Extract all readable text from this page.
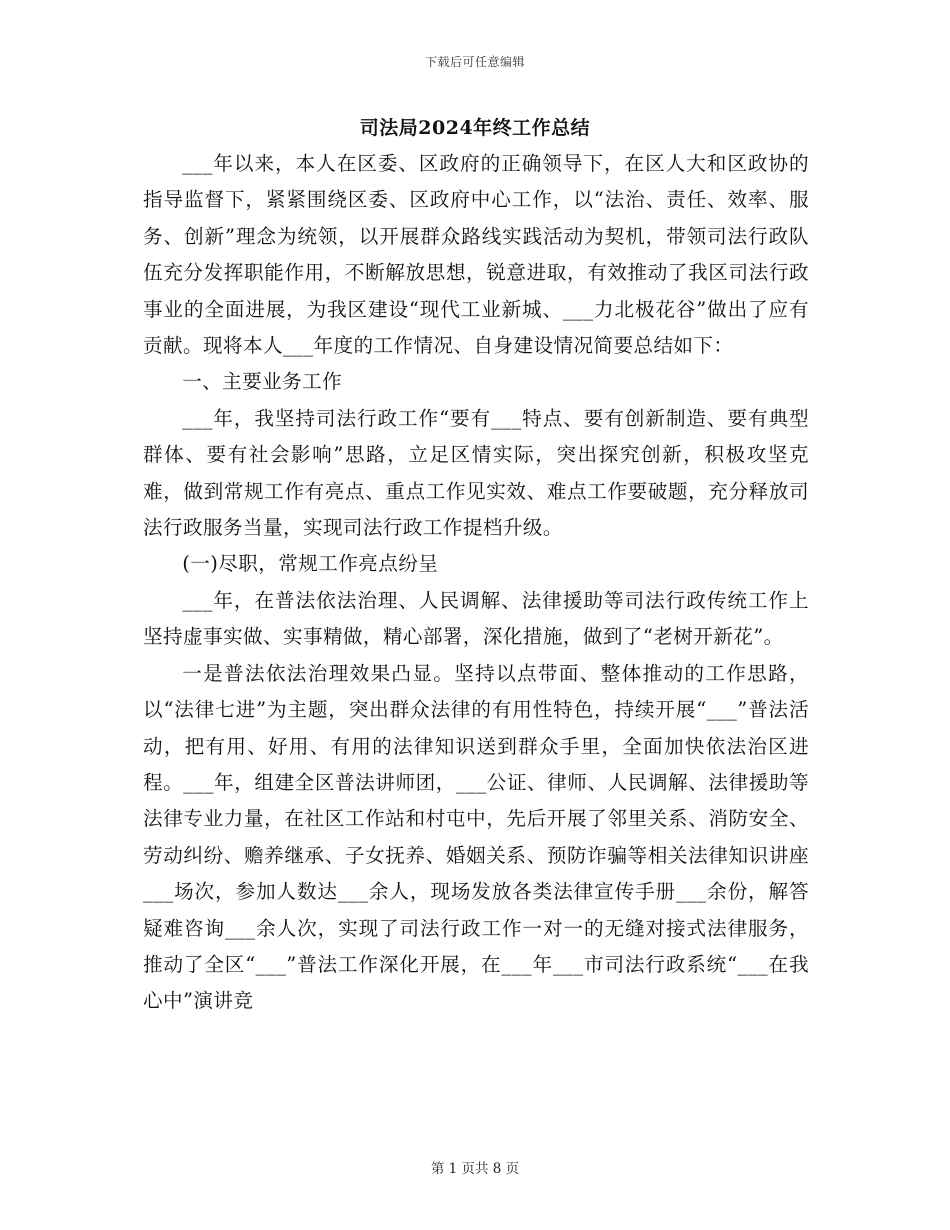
下载后可任意编辑
司法局2024年终工作总结

___年以来，本人在区委、区政府的正确领导下，在区人大和区政协的指导监督下，紧紧围绕区委、区政府中心工作，以“法治、责任、效率、服务、创新”理念为统领，以开展群众路线实践活动为契机，带领司法行政队伍充分发挥职能作用，不断解放思想，锐意进取，有效推动了我区司法行政事业的全面进展，为我区建设“现代工业新城、___力北极花谷”做出了应有贡献。现将本人___年度的工作情况、自身建设情况简要总结如下：

一、主要业务工作

___年，我坚持司法行政工作“要有___特点、要有创新制造、要有典型群体、要有社会影响”思路，立足区情实际，突出探究创新，积极攻坚克难，做到常规工作有亮点、重点工作见实效、难点工作要破题，充分释放司法行政服务当量，实现司法行政工作提档升级。

(一)尽职，常规工作亮点纷呈

___年，在普法依法治理、人民调解、法律援助等司法行政传统工作上坚持虚事实做、实事精做，精心部署，深化措施，做到了“老树开新花”。

一是普法依法治理效果凸显。坚持以点带面、整体推动的工作思路，以“法律七进”为主题，突出群众法律的有用性特色，持续开展“___”普法活动，把有用、好用、有用的法律知识送到群众手里，全面加快依法治区进程。___年，组建全区普法讲师团，___公证、律师、人民调解、法律援助等法律专业力量，在社区工作站和村屯中，先后开展了邻里关系、消防安全、劳动纠纷、赡养继承、子女抚养、婚姻关系、预防诈骗等相关法律知识讲座___场次，参加人数达___余人，现场发放各类法律宣传手册___余份，解答疑难咨询___余人次，实现了司法行政工作一对一的无缝对接式法律服务，推动了全区“___”普法工作深化开展，在___年___市司法行政系统“___在我心中”演讲竞

第 1 页共 8 页
